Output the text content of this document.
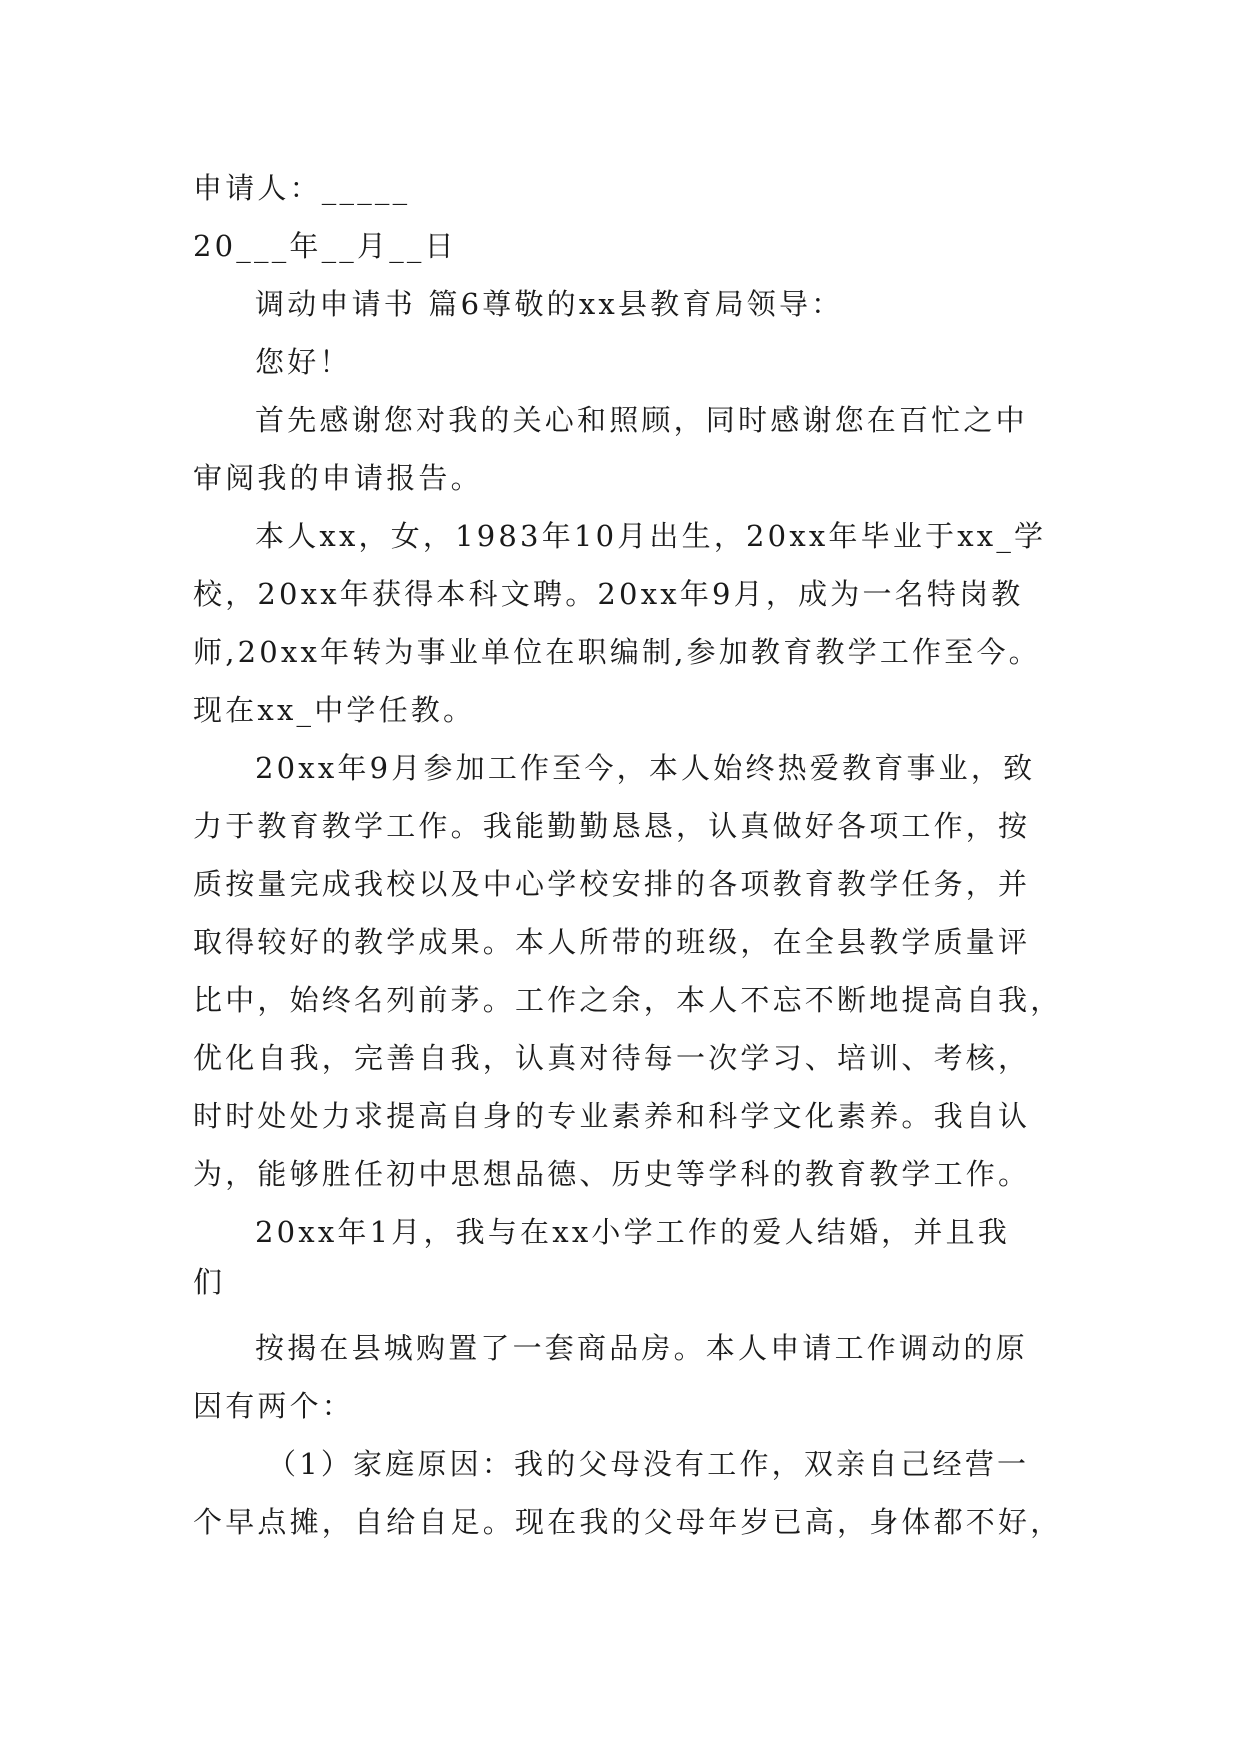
申请人：_____
20___年__月__日
调动申请书 篇6尊敬的xx县教育局领导：
您好！
首先感谢您对我的关心和照顾，同时感谢您在百忙之中
审阅我的申请报告。
本人xx，女，1983年10月出生，20xx年毕业于xx_学
校，20xx年获得本科文聘。20xx年9月，成为一名特岗教
师,20xx年转为事业单位在职编制,参加教育教学工作至今。
现在xx_中学任教。
20xx年9月参加工作至今，本人始终热爱教育事业，致
力于教育教学工作。我能勤勤恳恳，认真做好各项工作，按
质按量完成我校以及中心学校安排的各项教育教学任务，并
取得较好的教学成果。本人所带的班级，在全县教学质量评
比中，始终名列前茅。工作之余，本人不忘不断地提高自我，
优化自我，完善自我，认真对待每一次学习、培训、考核，
时时处处力求提高自身的专业素养和科学文化素养。我自认
为，能够胜任初中思想品德、历史等学科的教育教学工作。
20xx年1月，我与在xx小学工作的爱人结婚，并且我
们
按揭在县城购置了一套商品房。本人申请工作调动的原
因有两个：
（1）家庭原因：我的父母没有工作，双亲自己经营一
个早点摊，自给自足。现在我的父母年岁已高，身体都不好，
